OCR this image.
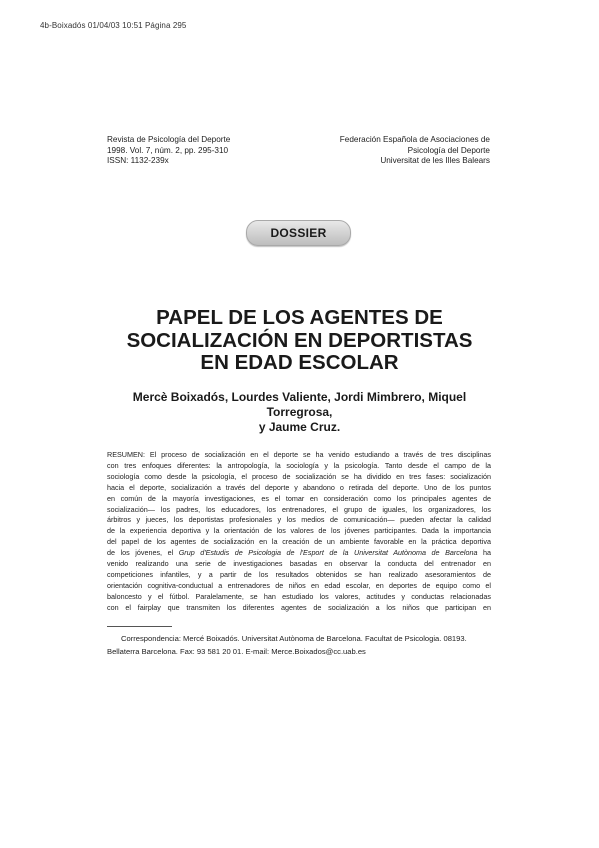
4b-Boixadós 01/04/03 10:51 Página 295
Revista de Psicología del Deporte
1998. Vol. 7, núm. 2, pp. 295-310
ISSN: 1132-239x
Federación Española de Asociaciones de
Psicología del Deporte
Universitat de les Illes Balears
DOSSIER
PAPEL DE LOS AGENTES DE
SOCIALIZACIÓN EN DEPORTISTAS
EN EDAD ESCOLAR
Mercè Boixadós, Lourdes Valiente, Jordi Mimbrero, Miquel
Torregrosa,
y Jaume Cruz.
RESUMEN: El proceso de socialización en el deporte se ha venido estudiando a través de tres disciplinas
con tres enfoques diferentes: la antropología, la sociología y la psicología. Tanto desde el campo de la
sociología como desde la psicología, el proceso de socialización se ha dividido en tres fases: socialización
hacia el deporte, socialización a través del deporte y abandono o retirada del deporte. Uno de los puntos
en común de la mayoría investigaciones, es el tomar en consideración como los principales agentes de
socialización— los padres, los educadores, los entrenadores, el grupo de iguales, los organizadores, los
árbitros y jueces, los deportistas profesionales y los medios de comunicación— pueden afectar la calidad
de la experiencia deportiva y la orientación de los valores de los jóvenes participantes. Dada la importancia
del papel de los agentes de socialización en la creación de un ambiente favorable en la práctica deportiva
de los jóvenes, el Grup d'Estudis de Psicologia de l'Esport de la Universitat Autònoma de Barcelona ha
venido realizando una serie de investigaciones basadas en observar la conducta del entrenador en
competiciones infantiles, y a partir de los resultados obtenidos se han realizado asesoramientos de
orientación cognitiva-conductual a entrenadores de niños en edad escolar, en deportes de equipo como el
baloncesto y el fútbol. Paralelamente, se han estudiado los valores, actitudes y conductas relacionadas
con el fairplay que transmiten los diferentes agentes de socialización a los niños que participan en
Correspondencia: Mercé Boixadós. Universitat Autònoma de Barcelona. Facultat de Psicologia. 08193.
Bellaterra Barcelona. Fax: 93 581 20 01. E-mail: Merce.Boixados@cc.uab.es
